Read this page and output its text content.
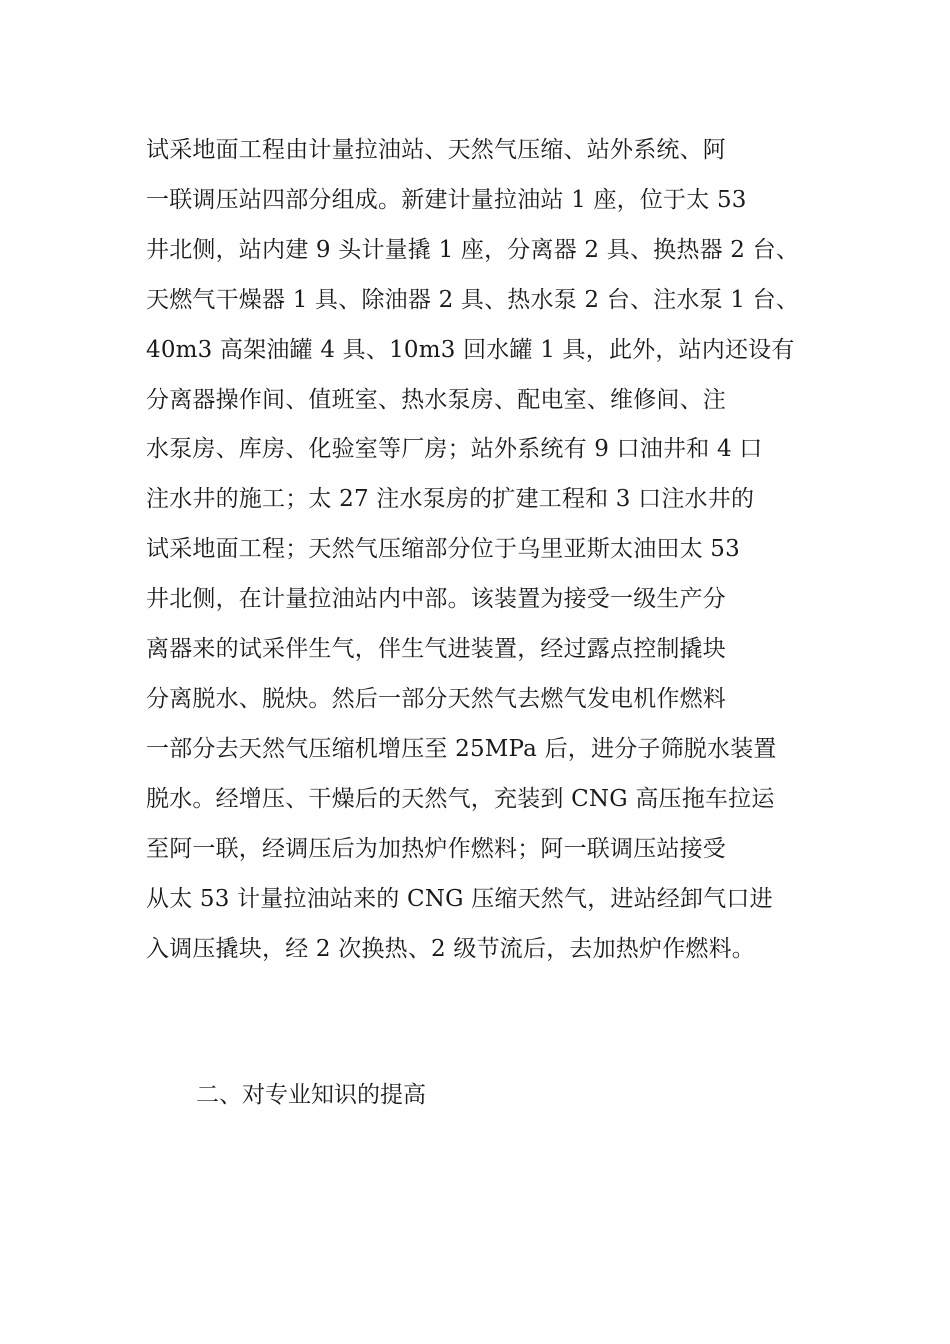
试采地面工程由计量拉油站、天然气压缩、站外系统、阿
一联调压站四部分组成。新建计量拉油站 1 座，位于太 53
井北侧，站内建 9 头计量撬 1 座，分离器 2 具、换热器 2 台、
天燃气干燥器 1 具、除油器 2 具、热水泵 2 台、注水泵 1 台、
40m3 高架油罐 4 具、10m3 回水罐 1 具，此外，站内还设有
分离器操作间、值班室、热水泵房、配电室、维修间、注
水泵房、库房、化验室等厂房；站外系统有 9 口油井和 4 口
注水井的施工；太 27 注水泵房的扩建工程和 3 口注水井的
试采地面工程；天然气压缩部分位于乌里亚斯太油田太 53
井北侧，在计量拉油站内中部。该装置为接受一级生产分
离器来的试采伴生气，伴生气进装置，经过露点控制撬块
分离脱水、脱炔。然后一部分天然气去燃气发电机作燃料
一部分去天然气压缩机增压至 25MPa 后，进分子筛脱水装置
脱水。经增压、干燥后的天然气，充装到 CNG 高压拖车拉运
至阿一联，经调压后为加热炉作燃料；阿一联调压站接受
从太 53 计量拉油站来的 CNG 压缩天然气，进站经卸气口进
入调压撬块，经 2 次换热、2 级节流后，去加热炉作燃料。

二、对专业知识的提高
